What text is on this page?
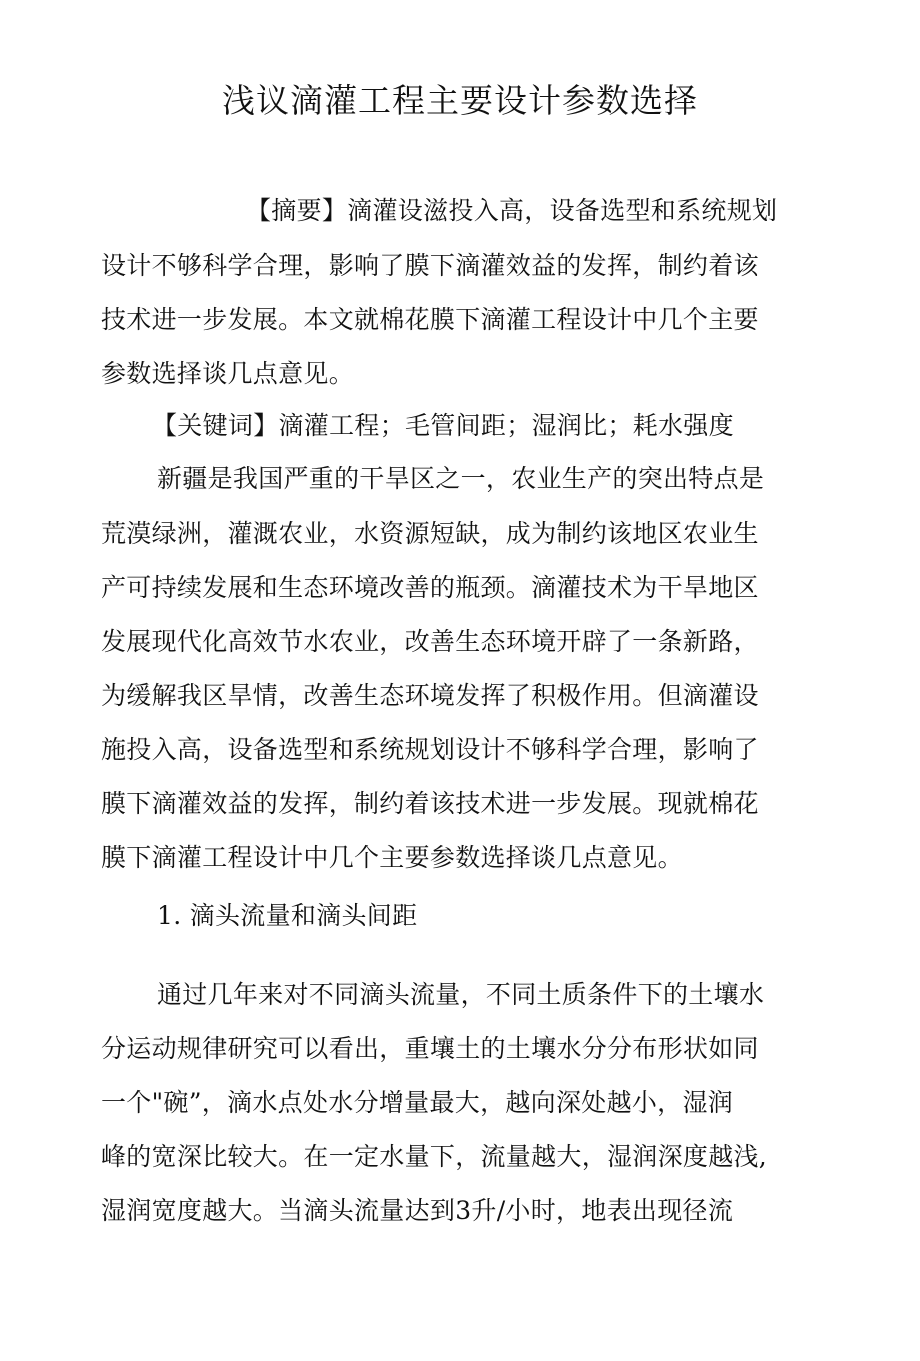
浅议滴灌工程主要设计参数选择
【摘要】滴灌设滋投入高，设备选型和系统规划
设计不够科学合理，影响了膜下滴灌效益的发挥，制约着该
技术进一步发展。本文就棉花膜下滴灌工程设计中几个主要
参数选择谈几点意见。
【关键词】滴灌工程；毛管间距；湿润比；耗水强度
新疆是我国严重的干旱区之一，农业生产的突出特点是
荒漠绿洲，灌溉农业，水资源短缺，成为制约该地区农业生
产可持续发展和生态环境改善的瓶颈。滴灌技术为干旱地区
发展现代化高效节水农业，改善生态环境开辟了一条新路，
为缓解我区旱情，改善生态环境发挥了积极作用。但滴灌设
施投入高，设备选型和系统规划设计不够科学合理，影响了
膜下滴灌效益的发挥，制约着该技术进一步发展。现就棉花
膜下滴灌工程设计中几个主要参数选择谈几点意见。
1. 滴头流量和滴头间距
通过几年来对不同滴头流量，不同土质条件下的土壤水
分运动规律研究可以看出，重壤土的土壤水分分布形状如同
一个"碗”，滴水点处水分增量最大，越向深处越小，湿润
峰的宽深比较大。在一定水量下，流量越大，湿润深度越浅,
湿润宽度越大。当滴头流量达到3升/小时，地表出现径流
